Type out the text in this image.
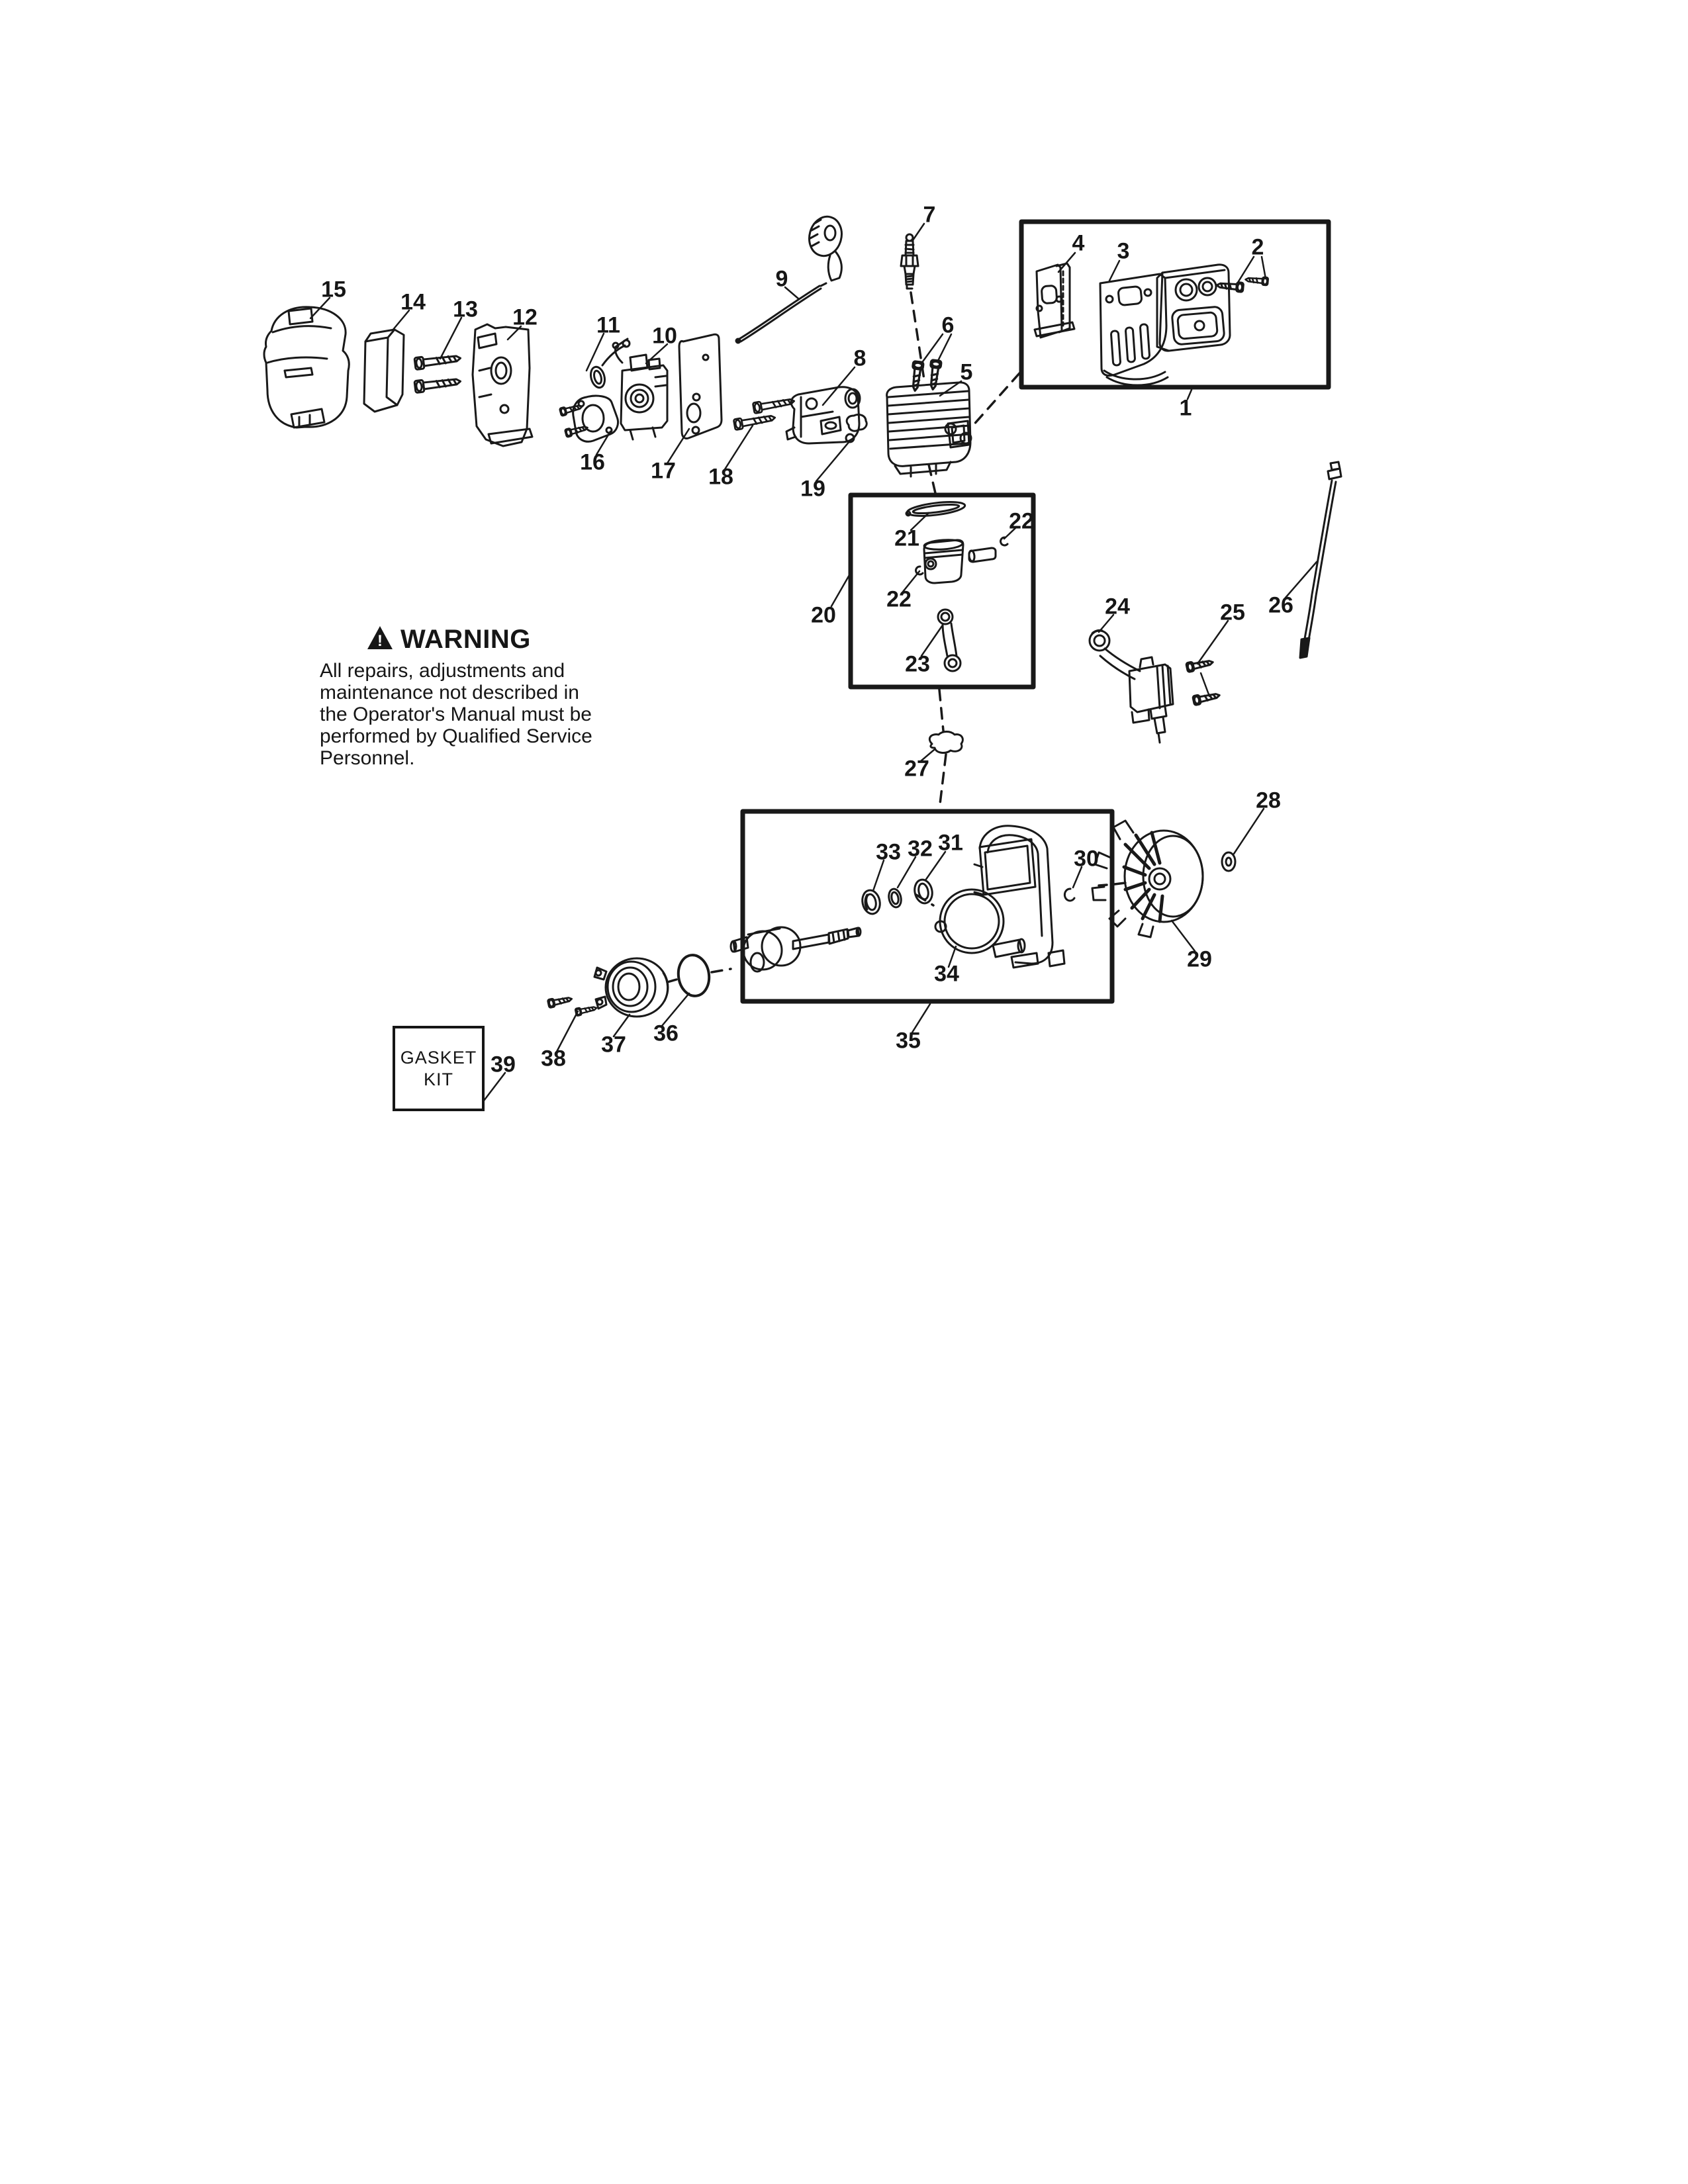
! WARNING
All repairs, adjustments and
maintenance not described in
the Operator's Manual must be
performed by Qualified Service
Personnel.
GASKET
KIT
1
2
3
4
5
6
7
8
9
10
11
12
13
14
15
16 17 18	19
20
21
22
22
23
24	25 26
27
28
29
30
31
32
33
34
35
36
37
38
39
